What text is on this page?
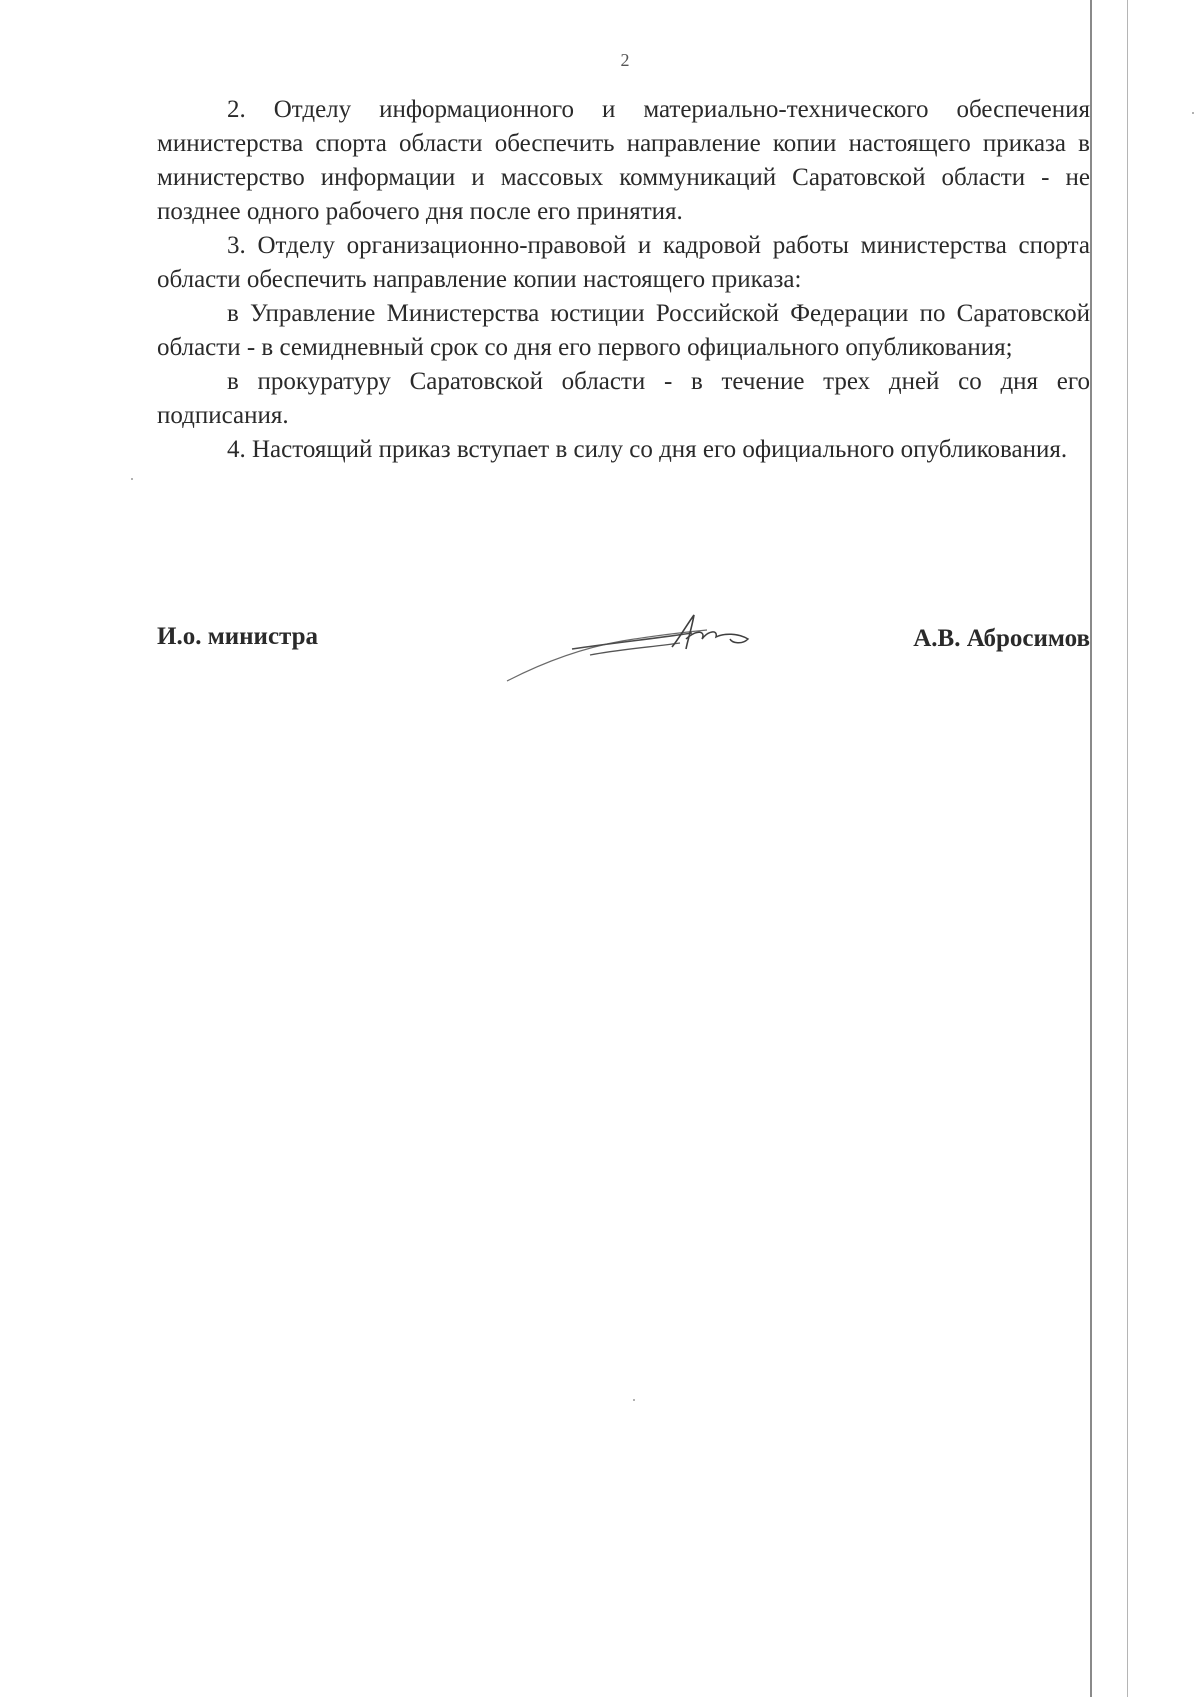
2

2. Отделу информационного и материально-технического обеспечения министерства спорта области обеспечить направление копии настоящего приказа в министерство информации и массовых коммуникаций Саратовской области - не позднее одного рабочего дня после его принятия.

3. Отделу организационно-правовой и кадровой работы министерства спорта области обеспечить направление копии настоящего приказа:

в Управление Министерства юстиции Российской Федерации по Саратовской области - в семидневный срок со дня его первого официального опубликования;

в прокуратуру Саратовской области - в течение трех дней со дня его подписания.

4. Настоящий приказ вступает в силу со дня его официального опубликования.

И.о. министра	А.В. Абросимов
